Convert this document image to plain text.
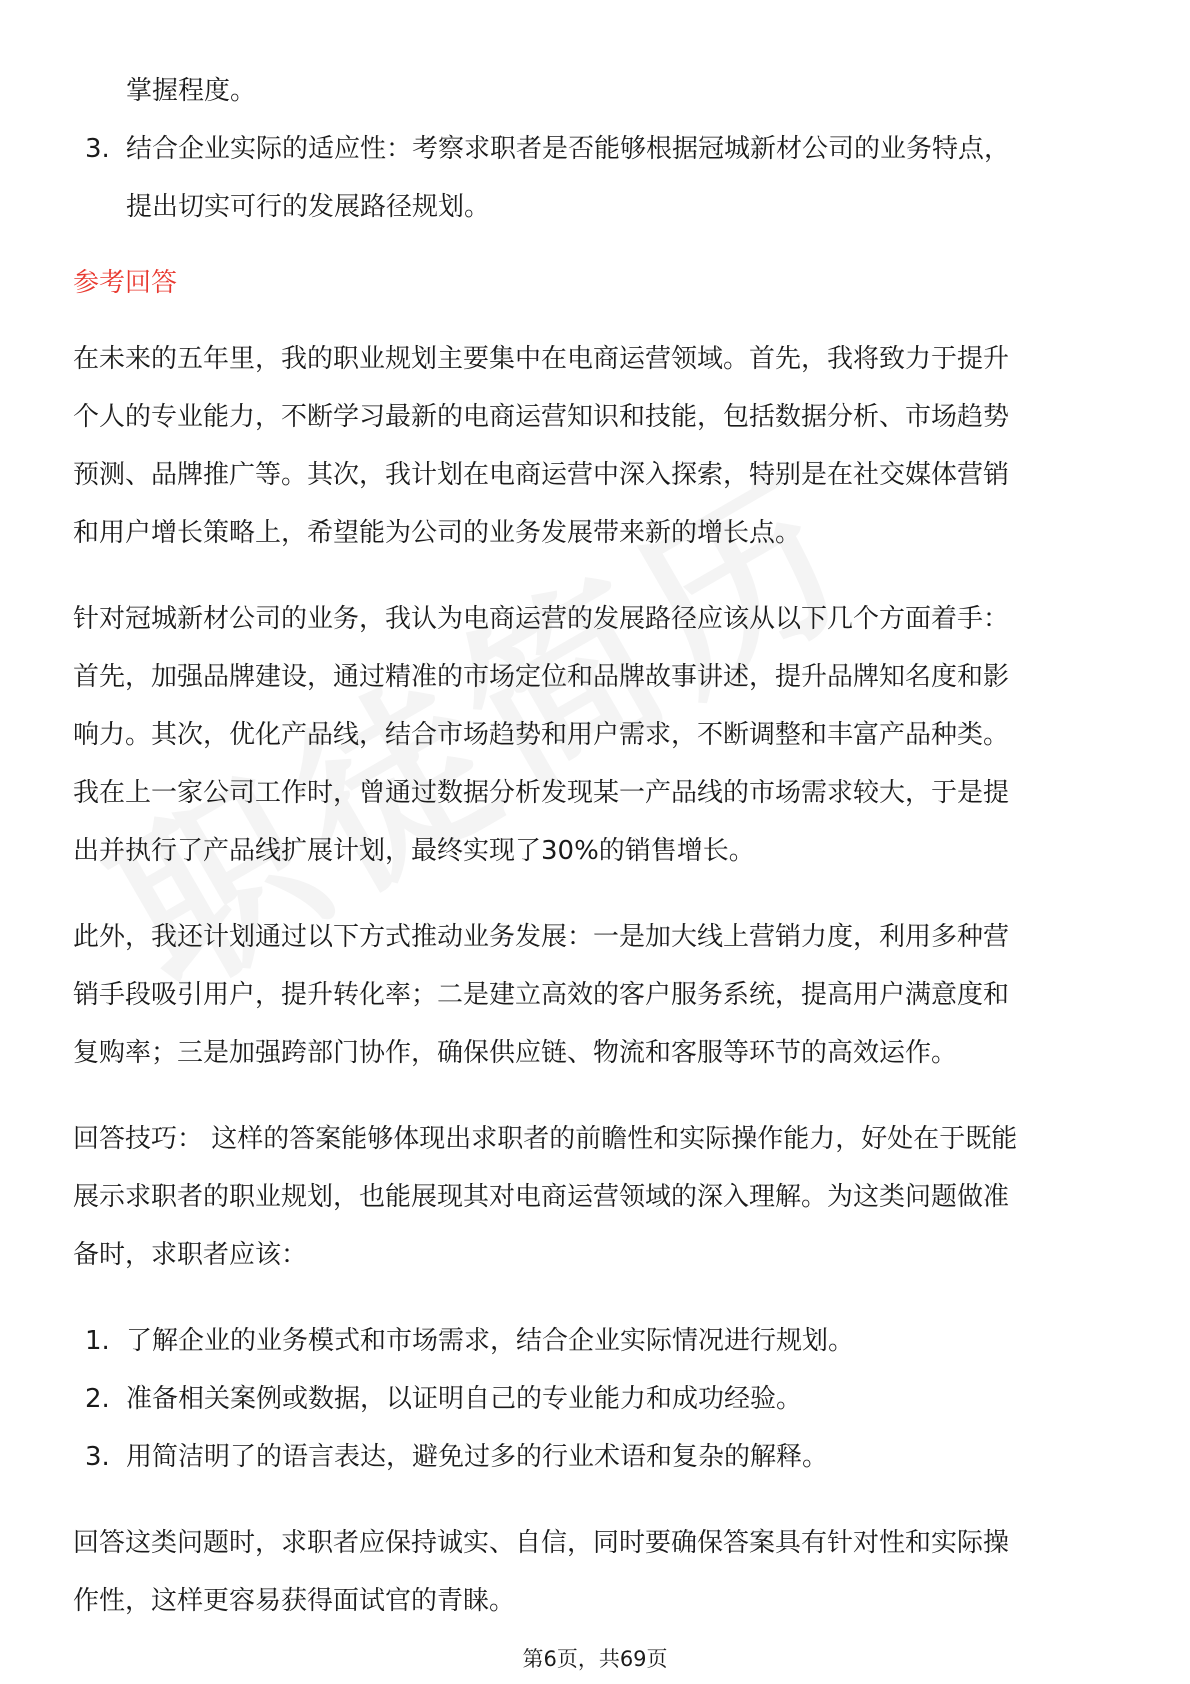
掌握程度。
3. 结合企业实际的适应性：考察求职者是否能够根据冠城新材公司的业务特点，
提出切实可行的发展路径规划。
参考回答
在未来的五年里，我的职业规划主要集中在电商运营领域。首先，我将致力于提升
个人的专业能力，不断学习最新的电商运营知识和技能，包括数据分析、市场趋势
预测、品牌推广等。其次，我计划在电商运营中深入探索，特别是在社交媒体营销
和用户增长策略上，希望能为公司的业务发展带来新的增长点。
针对冠城新材公司的业务，我认为电商运营的发展路径应该从以下几个方面着手：
首先，加强品牌建设，通过精准的市场定位和品牌故事讲述，提升品牌知名度和影
响力。其次，优化产品线，结合市场趋势和用户需求，不断调整和丰富产品种类。
我在上一家公司工作时，曾通过数据分析发现某一产品线的市场需求较大，于是提
出并执行了产品线扩展计划，最终实现了30%的销售增长。
此外，我还计划通过以下方式推动业务发展：一是加大线上营销力度，利用多种营
销手段吸引用户，提升转化率；二是建立高效的客户服务系统，提高用户满意度和
复购率；三是加强跨部门协作，确保供应链、物流和客服等环节的高效运作。
回答技巧： 这样的答案能够体现出求职者的前瞻性和实际操作能力，好处在于既能
展示求职者的职业规划，也能展现其对电商运营领域的深入理解。为这类问题做准
备时，求职者应该：
1. 了解企业的业务模式和市场需求，结合企业实际情况进行规划。
2. 准备相关案例或数据，以证明自己的专业能力和成功经验。
3. 用简洁明了的语言表达，避免过多的行业术语和复杂的解释。
回答这类问题时，求职者应保持诚实、自信，同时要确保答案具有针对性和实际操
作性，这样更容易获得面试官的青睐。
第6页，共69页
